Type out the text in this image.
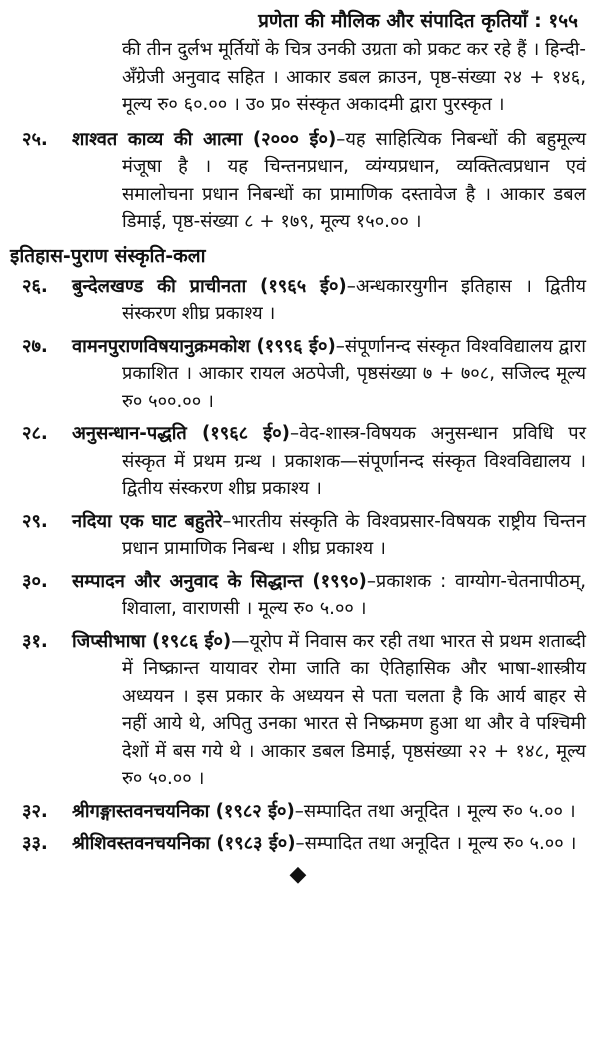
प्रणेता की मौलिक और संपादित कृतियाँ : १५५
की तीन दुर्लभ मूर्तियों के चित्र उनकी उग्रता को प्रकट कर रहे हैं । हिन्दी-अँग्रेजी अनुवाद सहित । आकार डबल क्राउन, पृष्ठ-संख्या २४ + १४६, मूल्य रु० ६०.०० । उ० प्र० संस्कृत अकादमी द्वारा पुरस्कृत ।
२५. शाश्वत काव्य की आत्मा (२००० ई०)–यह साहित्यिक निबन्धों की बहुमूल्य मंजूषा है । यह चिन्तनप्रधान, व्यंग्यप्रधान, व्यक्तित्वप्रधान एवं समालोचना प्रधान निबन्धों का प्रामाणिक दस्तावेज है । आकार डबल डिमाई, पृष्ठ-संख्या ८ + १७९, मूल्य १५०.०० ।
इतिहास-पुराण संस्कृति-कला
२६. बुन्देलखण्ड की प्राचीनता (१९६५ ई०)–अन्धकारयुगीन इतिहास । द्वितीय संस्करण शीघ्र प्रकाश्य ।
२७. वामनपुराणविषयानुक्रमकोश (१९९६ ई०)–संपूर्णानन्द संस्कृत विश्वविद्यालय द्वारा प्रकाशित । आकार रायल अठपेजी, पृष्ठसंख्या ७ + ७०८, सजिल्द मूल्य रु० ५००.०० ।
२८. अनुसन्धान-पद्धति (१९६८ ई०)–वेद-शास्त्र-विषयक अनुसन्धान प्रविधि पर संस्कृत में प्रथम ग्रन्थ । प्रकाशक—संपूर्णानन्द संस्कृत विश्वविद्यालय । द्वितीय संस्करण शीघ्र प्रकाश्य ।
२९. नदिया एक घाट बहुतेरे–भारतीय संस्कृति के विश्वप्रसार-विषयक राष्ट्रीय चिन्तन प्रधान प्रामाणिक निबन्ध । शीघ्र प्रकाश्य ।
३०. सम्पादन और अनुवाद के सिद्धान्त (१९९०)–प्रकाशक : वाग्योग-चेतनापीठम्, शिवाला, वाराणसी । मूल्य रु० ५.०० ।
३१. जिप्सीभाषा (१९८६ ई०)—यूरोप में निवास कर रही तथा भारत से प्रथम शताब्दी में निष्क्रान्त यायावर रोमा जाति का ऐतिहासिक और भाषा-शास्त्रीय अध्ययन । इस प्रकार के अध्ययन से पता चलता है कि आर्य बाहर से नहीं आये थे, अपितु उनका भारत से निष्क्रमण हुआ था और वे पश्चिमी देशों में बस गये थे । आकार डबल डिमाई, पृष्ठसंख्या २२ + १४८, मूल्य रु० ५०.०० ।
३२. श्रीगङ्गास्तवनचयनिका (१९८२ ई०)–सम्पादित तथा अनूदित । मूल्य रु० ५.०० ।
३३. श्रीशिवस्तवनचयनिका (१९८३ ई०)–सम्पादित तथा अनूदित । मूल्य रु० ५.०० ।
◆
